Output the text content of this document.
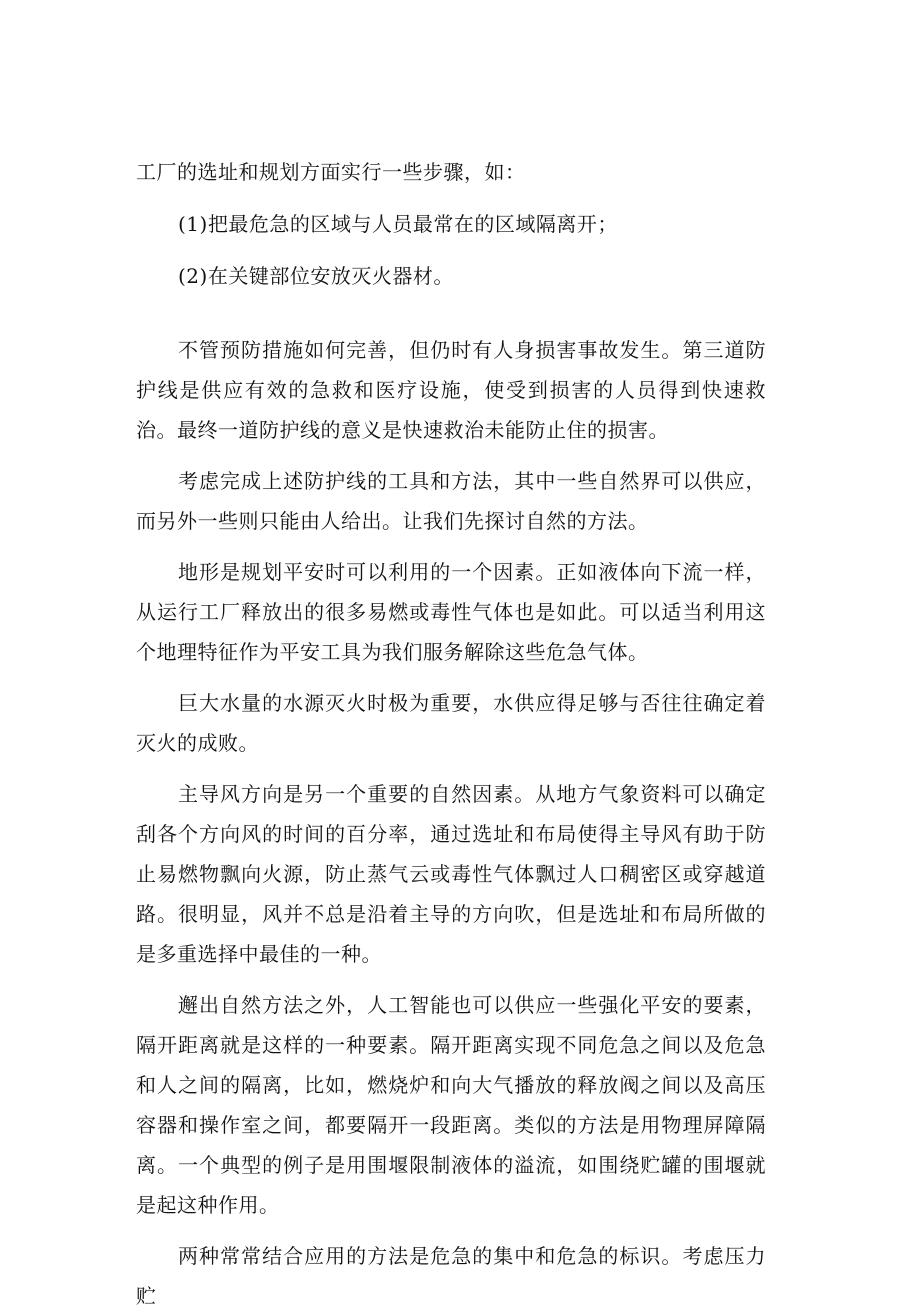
工厂的选址和规划方面实行一些步骤，如：

(1)把最危急的区域与人员最常在的区域隔离开；

(2)在关键部位安放灭火器材。

不管预防措施如何完善，但仍时有人身损害事故发生。第三道防护线是供应有效的急救和医疗设施，使受到损害的人员得到快速救治。最终一道防护线的意义是快速救治未能防止住的损害。

考虑完成上述防护线的工具和方法，其中一些自然界可以供应，而另外一些则只能由人给出。让我们先探讨自然的方法。

地形是规划平安时可以利用的一个因素。正如液体向下流一样，从运行工厂释放出的很多易燃或毒性气体也是如此。可以适当利用这个地理特征作为平安工具为我们服务解除这些危急气体。

巨大水量的水源灭火时极为重要，水供应得足够与否往往确定着灭火的成败。

主导风方向是另一个重要的自然因素。从地方气象资料可以确定刮各个方向风的时间的百分率，通过选址和布局使得主导风有助于防止易燃物飘向火源，防止蒸气云或毒性气体飘过人口稠密区或穿越道路。很明显，风并不总是沿着主导的方向吹，但是选址和布局所做的是多重选择中最佳的一种。

邂出自然方法之外，人工智能也可以供应一些强化平安的要素，隔开距离就是这样的一种要素。隔开距离实现不同危急之间以及危急和人之间的隔离，比如，燃烧炉和向大气播放的释放阀之间以及高压容器和操作室之间，都要隔开一段距离。类似的方法是用物理屏障隔离。一个典型的例子是用围堰限制液体的溢流，如围绕贮罐的围堰就是起这种作用。

两种常常结合应用的方法是危急的集中和危急的标识。考虑压力贮
